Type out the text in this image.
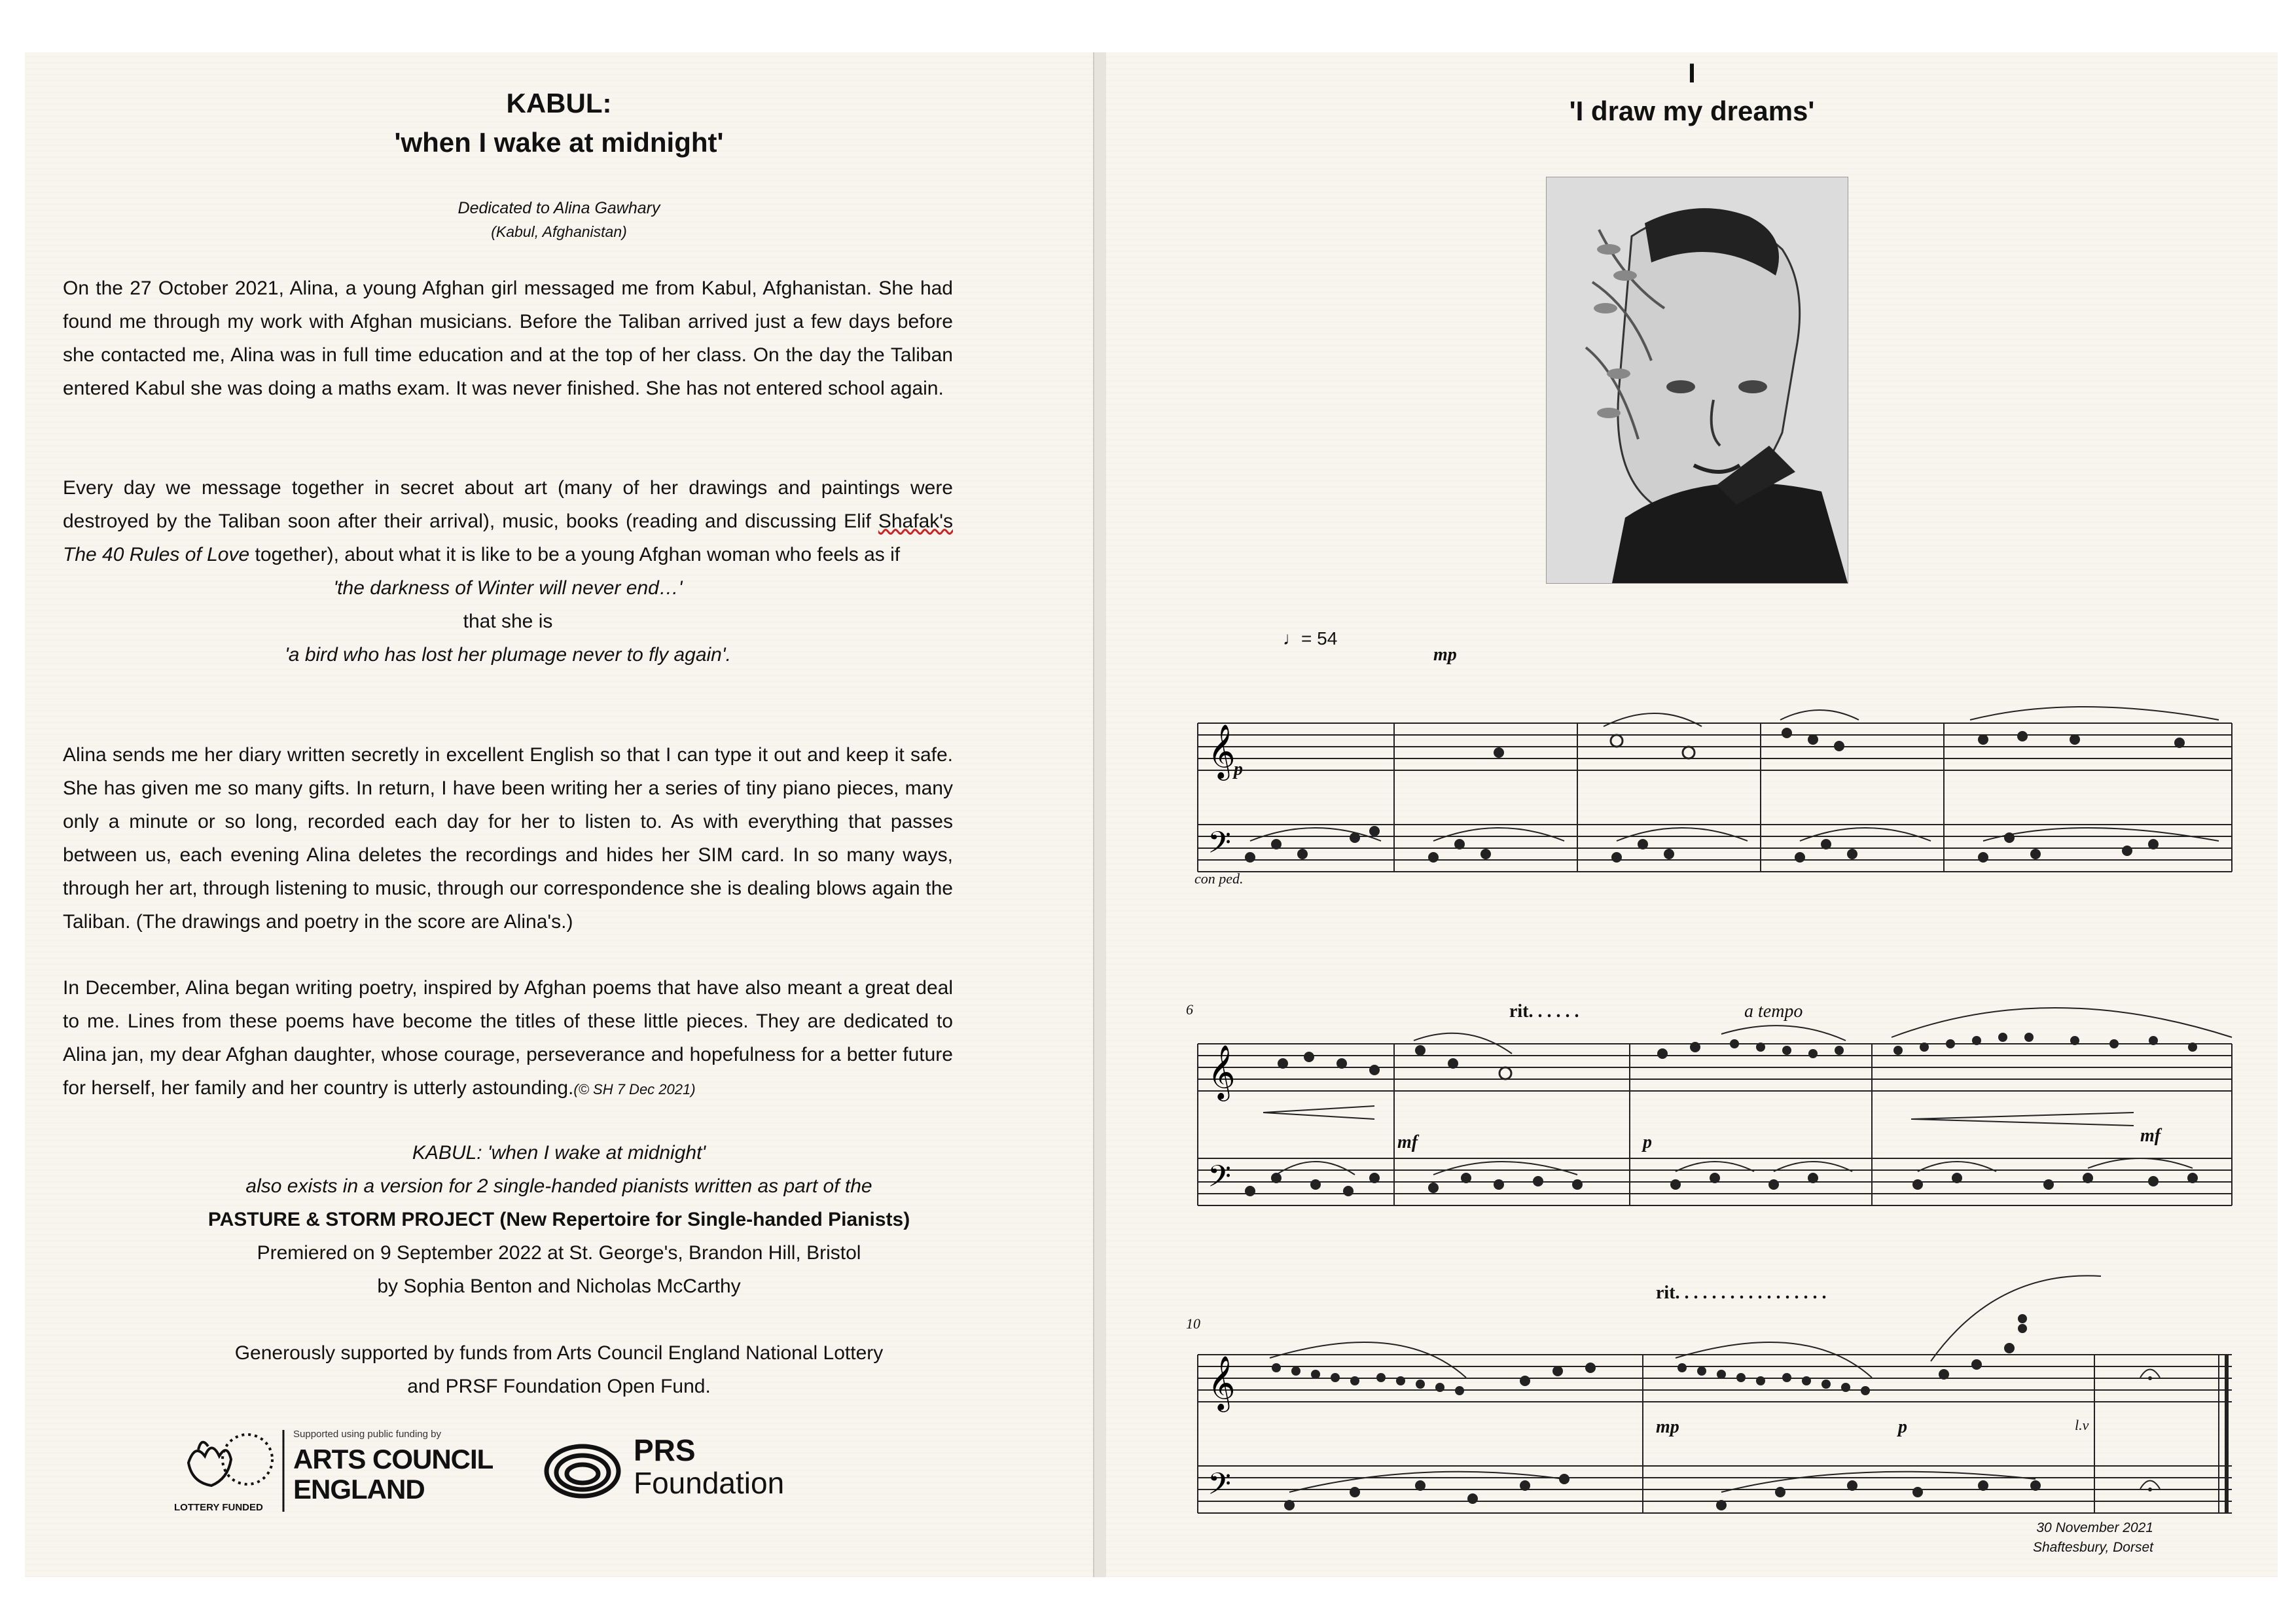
KABUL:
'when I wake at midnight'
Dedicated to Alina Gawhary
(Kabul, Afghanistan)

On the 27 October 2021, Alina, a young Afghan girl messaged me from Kabul, Afghanistan. She had found me through my work with Afghan musicians. Before the Taliban arrived just a few days before she contacted me, Alina was in full time education and at the top of her class. On the day the Taliban entered Kabul she was doing a maths exam. It was never finished. She has not entered school again.

Every day we message together in secret about art (many of her drawings and paintings were destroyed by the Taliban soon after their arrival), music, books (reading and discussing Elif Shafak's The 40 Rules of Love together), about what it is like to be a young Afghan woman who feels as if

'the darkness of Winter will never end…'

that she is

'a bird who has lost her plumage never to fly again'.

Alina sends me her diary written secretly in excellent English so that I can type it out and keep it safe. She has given me so many gifts. In return, I have been writing her a series of tiny piano pieces, many only a minute or so long, recorded each day for her to listen to. As with everything that passes between us, each evening Alina deletes the recordings and hides her SIM card. In so many ways, through her art, through listening to music, through our correspondence she is dealing blows again the Taliban. (The drawings and poetry in the score are Alina's.)

In December, Alina began writing poetry, inspired by Afghan poems that have also meant a great deal to me. Lines from these poems have become the titles of these little pieces. They are dedicated to Alina jan, my dear Afghan daughter, whose courage, perseverance and hopefulness for a better future for herself, her family and her country is utterly astounding.(© SH 7 Dec 2021)

KABUL: 'when I wake at midnight'
also exists in a version for 2 single-handed pianists written as part of the
PASTURE & STORM PROJECT (New Repertoire for Single-handed Pianists)
Premiered on 9 September 2022 at St. George's, Brandon Hill, Bristol
by Sophia Benton and Nicholas McCarthy
Generously supported by funds from Arts Council England National Lottery
and PRSF Foundation Open Fund.
Supported using public funding by
ARTS COUNCIL
ENGLAND
LOTTERY FUNDED
PRS
Foundation
I
'I draw my dreams'
♩= 54
mp
p
con ped.
𝄞
𝄢
6	rit. . . . . .	a tempo
mf	p	mf
𝄞
𝄢
10
rit. . . . . . . . . . . . . . . . .
mp	p	l.v
𝄞
𝄢
30 November 2021
Shaftesbury, Dorset
